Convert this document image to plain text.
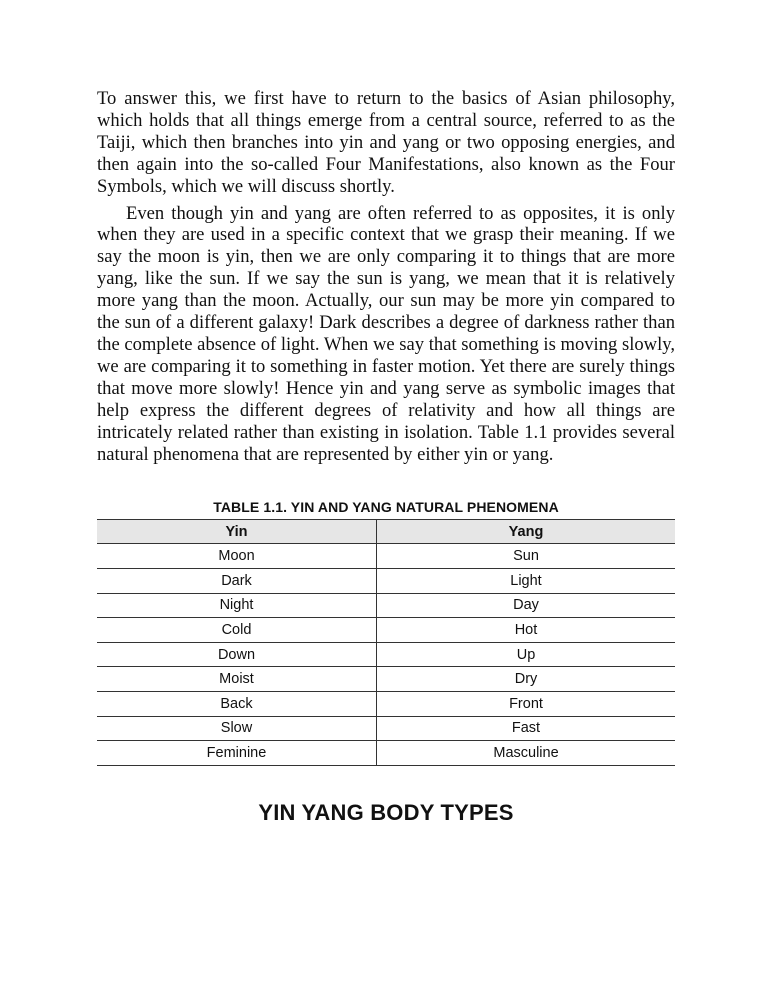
To answer this, we first have to return to the basics of Asian philosophy, which holds that all things emerge from a central source, referred to as the Taiji, which then branches into yin and yang or two opposing energies, and then again into the so-called Four Manifestations, also known as the Four Symbols, which we will discuss shortly.

Even though yin and yang are often referred to as opposites, it is only when they are used in a specific context that we grasp their meaning. If we say the moon is yin, then we are only comparing it to things that are more yang, like the sun. If we say the sun is yang, we mean that it is relatively more yang than the moon. Actually, our sun may be more yin compared to the sun of a different galaxy! Dark describes a degree of darkness rather than the complete absence of light. When we say that something is moving slowly, we are comparing it to something in faster motion. Yet there are surely things that move more slowly! Hence yin and yang serve as symbolic images that help express the different degrees of relativity and how all things are intricately related rather than existing in isolation. Table 1.1 provides several natural phenomena that are represented by either yin or yang.

TABLE 1.1. YIN AND YANG NATURAL PHENOMENA
Yin	Yang
Moon	Sun
Dark	Light
Night	Day
Cold	Hot
Down	Up
Moist	Dry
Back	Front
Slow	Fast
Feminine	Masculine
YIN YANG BODY TYPES
